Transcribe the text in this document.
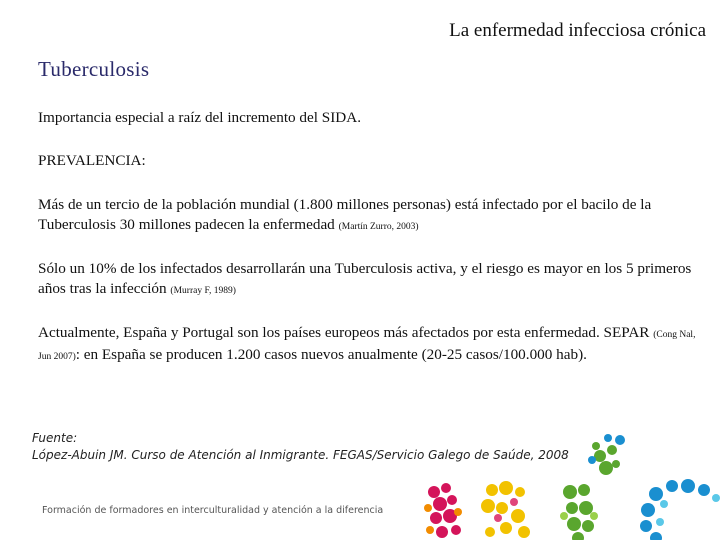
La enfermedad infecciosa crónica
Tuberculosis
Importancia especial a raíz del incremento del SIDA.
PREVALENCIA:
Más de un tercio de la población mundial (1.800 millones personas) está infectado por el bacilo de la Tuberculosis 30 millones padecen la enfermedad (Martín Zurro, 2003)
Sólo un 10% de los infectados desarrollarán una Tuberculosis activa, y el riesgo es mayor en los 5 primeros años tras la infección (Murray F, 1989)
Actualmente, España y Portugal son los países europeos más afectados por esta enfermedad. SEPAR (Cong Nal, Jun 2007): en España se producen 1.200 casos nuevos anualmente (20-25 casos/100.000 hab).
Fuente:
López-Abuin JM. Curso de Atención al Inmigrante. FEGAS/Servicio Galego de Saúde, 2008
Formación de formadores en interculturalidad y atención a la diferencia
